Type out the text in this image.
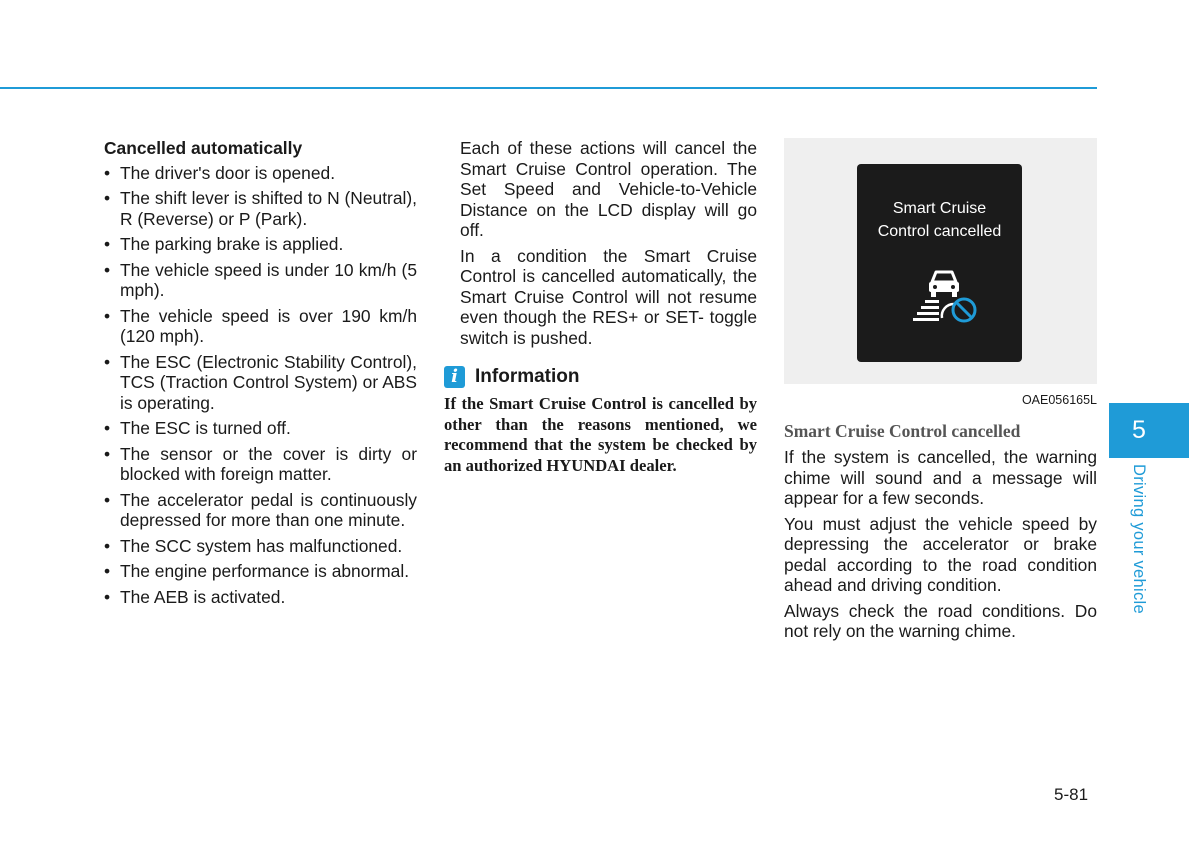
Cancelled automatically
• The driver's door is opened.
• The shift lever is shifted to N (Neutral), R (Reverse) or P (Park).
• The parking brake is applied.
• The vehicle speed is under 10 km/h (5 mph).
• The vehicle speed is over 190 km/h (120 mph).
• The ESC (Electronic Stability Control), TCS (Traction Control System) or ABS is operating.
• The ESC is turned off.
• The sensor or the cover is dirty or blocked with foreign matter.
• The accelerator pedal is continuously depressed for more than one minute.
• The SCC system has malfunctioned.
• The engine performance is abnormal.
• The AEB is activated.

Each of these actions will cancel the Smart Cruise Control operation. The Set Speed and Vehicle-to-Vehicle Distance on the LCD display will go off.

In a condition the Smart Cruise Control is cancelled automatically, the Smart Cruise Control will not resume even though the RES+ or SET- toggle switch is pushed.

i Information

If the Smart Cruise Control is cancelled by other than the reasons mentioned, we recommend that the system be checked by an authorized HYUNDAI dealer.

Smart Cruise
Control cancelled
OAE056165L
Smart Cruise Control cancelled

If the system is cancelled, the warning chime will sound and a message will appear for a few seconds.

You must adjust the vehicle speed by depressing the accelerator or brake pedal according to the road condition ahead and driving condition.

Always check the road conditions. Do not rely on the warning chime.

5
Driving your vehicle
5-81
